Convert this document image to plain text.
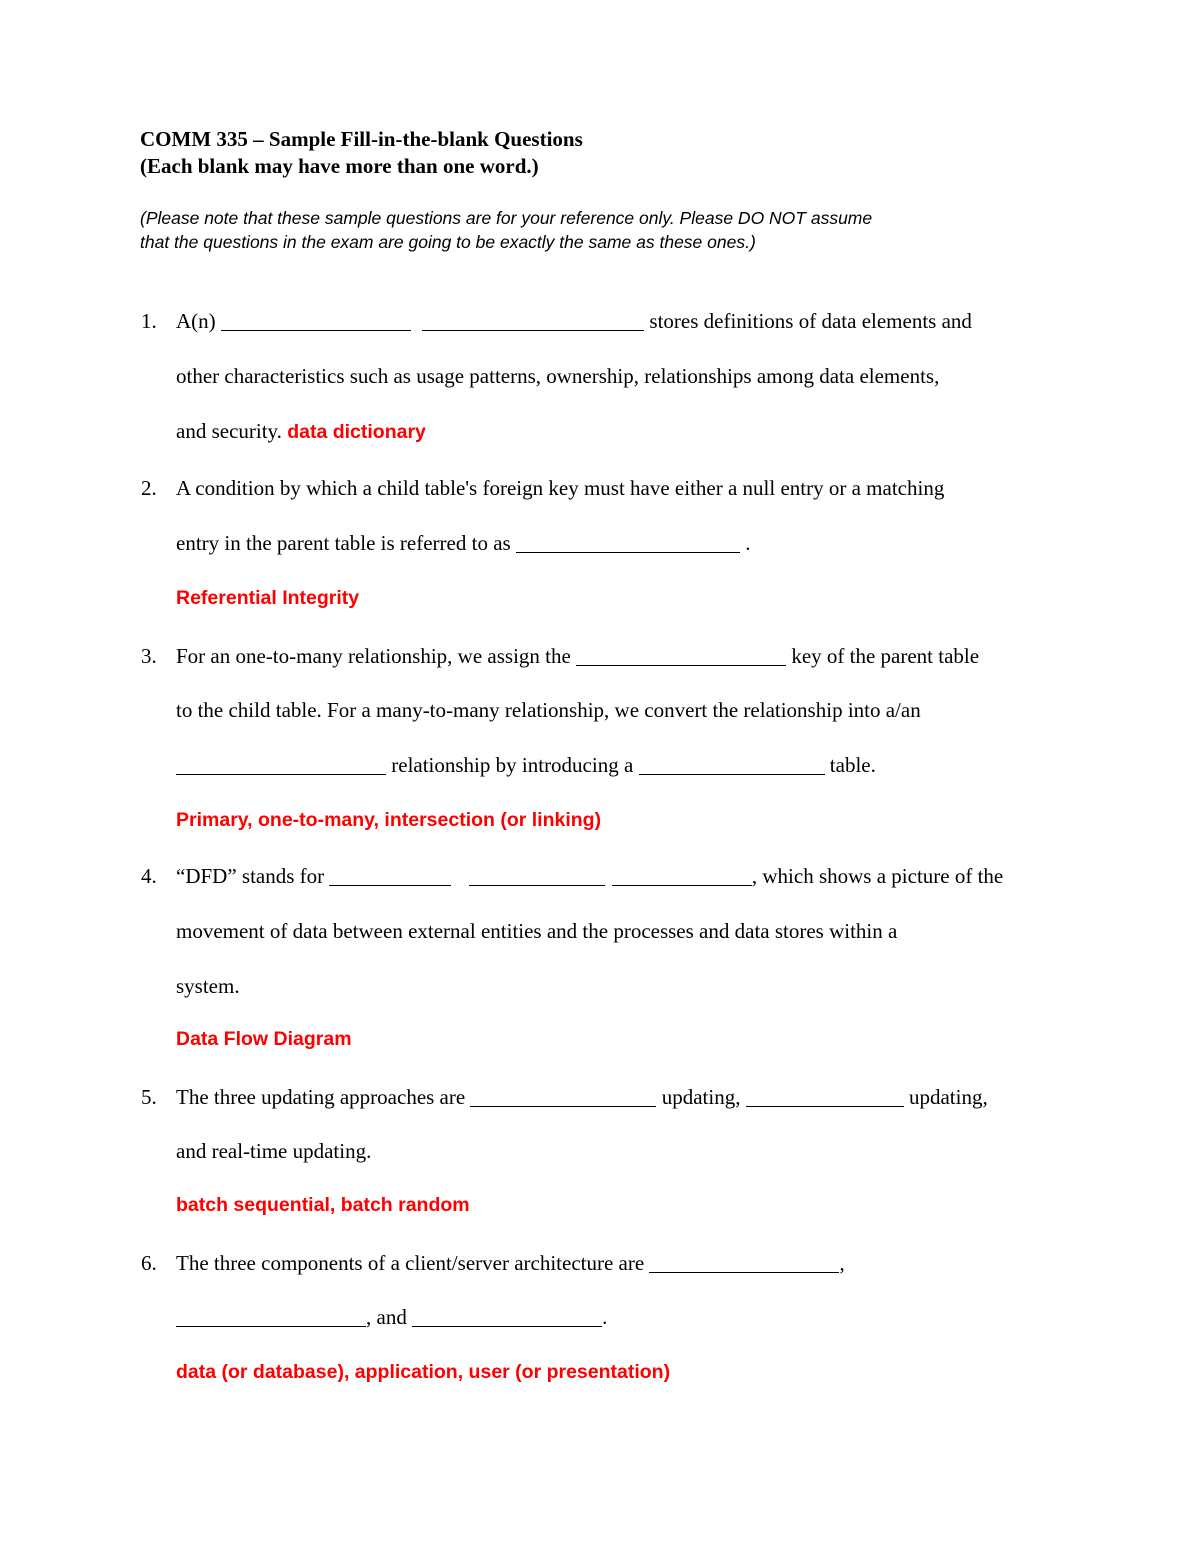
COMM 335 – Sample Fill-in-the-blank Questions
(Each blank may have more than one word.)
(Please note that these sample questions are for your reference only. Please DO NOT assume
that the questions in the exam are going to be exactly the same as these ones.)
1. A(n)	stores definitions of data elements and
other characteristics such as usage patterns, ownership, relationships among data elements,
and security. data dictionary
2. A condition by which a child table's foreign key must have either a null entry or a matching
entry in the parent table is referred to as	.
Referential Integrity
3. For an one-to-many relationship, we assign the	key of the parent table
to the child table. For a many-to-many relationship, we convert the relationship into a/an
relationship by introducing a	table.
Primary, one-to-many, intersection (or linking)
4. “DFD” stands for	, which shows a picture of the
movement of data between external entities and the processes and data stores within a
system.
Data Flow Diagram
5. The three updating approaches are	updating,	updating,
and real-time updating.
batch sequential, batch random
6. The three components of a client/server architecture are	,
, and	.
data (or database), application, user (or presentation)
